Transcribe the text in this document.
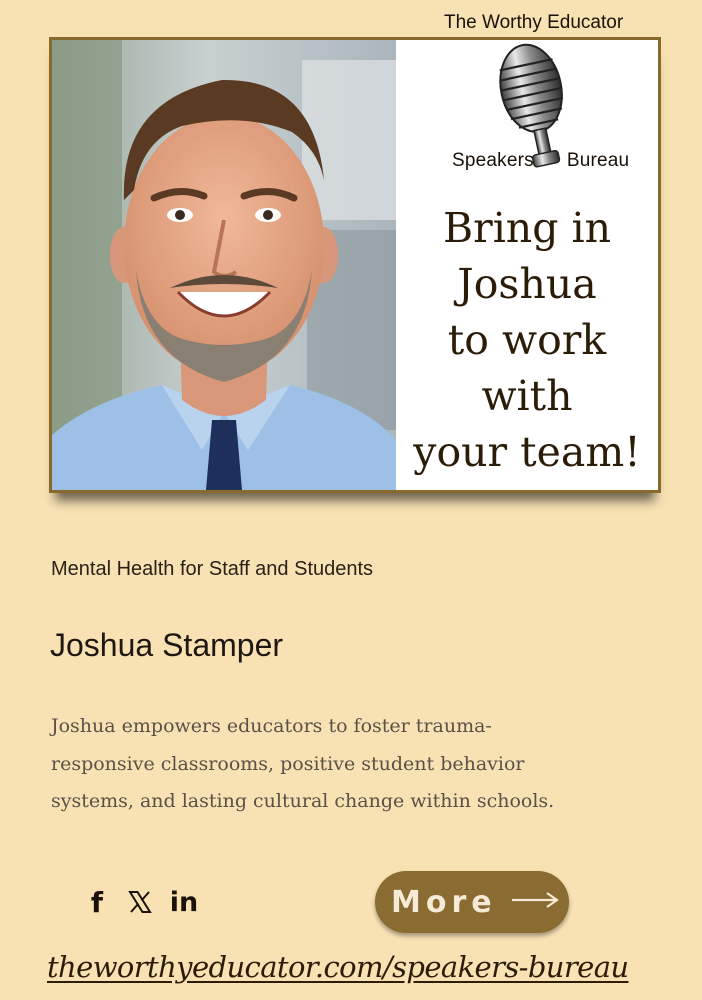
The Worthy Educator
Speakers Bureau
Bring in
Joshua
to work
with
your team!
Mental Health for Staff and Students
Joshua Stamper
Joshua empowers educators to foster trauma-
responsive classrooms, positive student behavior
systems, and lasting cultural change within schools.
f in	More
theworthyeducator.com/speakers-bureau
